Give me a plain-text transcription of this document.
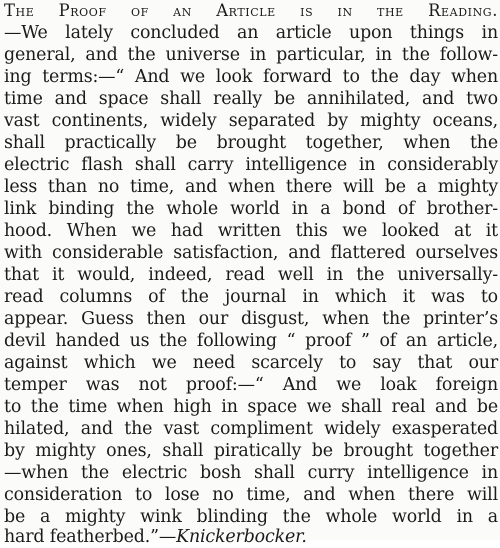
The Proof of an Article is in the Reading.
—We lately concluded an article upon things in
general, and the universe in particular, in the follow-
ing terms:—“ And we look forward to the day when
time and space shall really be annihilated, and two
vast continents, widely separated by mighty oceans,
shall practically be brought together, when the
electric flash shall carry intelligence in considerably
less than no time, and when there will be a mighty
link binding the whole world in a bond of brother-
hood. When we had written this we looked at it
with considerable satisfaction, and flattered ourselves
that it would, indeed, read well in the universally-
read columns of the journal in which it was to
appear. Guess then our disgust, when the printer’s
devil handed us the following “ proof ” of an article,
against which we need scarcely to say that our
temper was not proof:—“ And we loak foreign
to the time when high in space we shall real and be
hilated, and the vast compliment widely exasperated
by mighty ones, shall piratically be brought together
—when the electric bosh shall curry intelligence in
consideration to lose no time, and when there will
be a mighty wink blinding the whole world in a
hard featherbed.”—Knickerbocker.
